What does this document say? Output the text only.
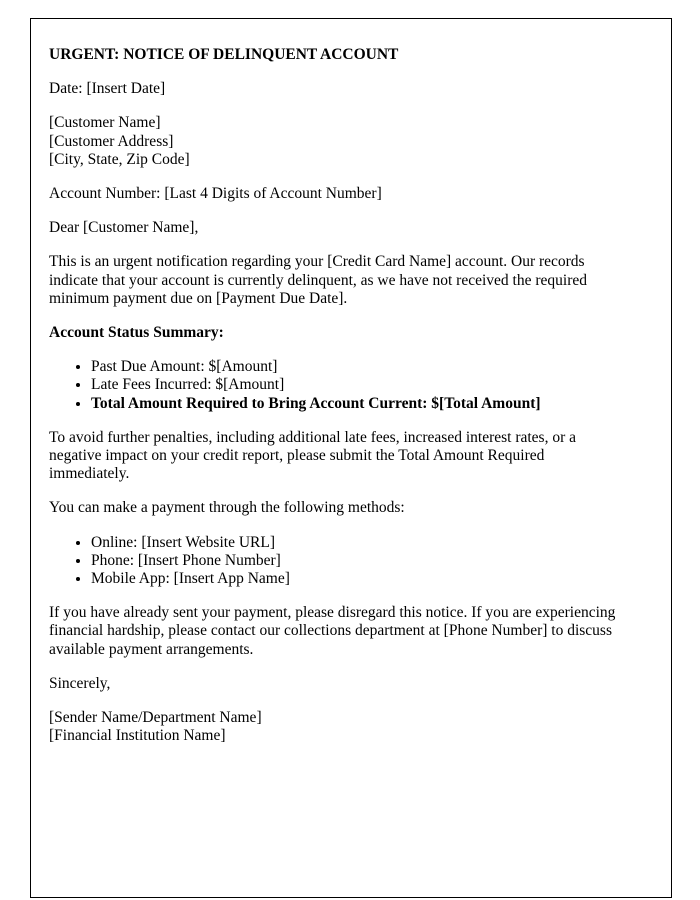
URGENT: NOTICE OF DELINQUENT ACCOUNT

Date: [Insert Date]

[Customer Name]
[Customer Address]
[City, State, Zip Code]

Account Number: [Last 4 Digits of Account Number]

Dear [Customer Name],

This is an urgent notification regarding your [Credit Card Name] account. Our records indicate that your account is currently delinquent, as we have not received the required minimum payment due on [Payment Due Date].

Account Status Summary:

• Past Due Amount: $[Amount]
• Late Fees Incurred: $[Amount]
• Total Amount Required to Bring Account Current: $[Total Amount]

To avoid further penalties, including additional late fees, increased interest rates, or a negative impact on your credit report, please submit the Total Amount Required immediately.

You can make a payment through the following methods:

• Online: [Insert Website URL]
• Phone: [Insert Phone Number]
• Mobile App: [Insert App Name]

If you have already sent your payment, please disregard this notice. If you are experiencing financial hardship, please contact our collections department at [Phone Number] to discuss available payment arrangements.

Sincerely,

[Sender Name/Department Name]
[Financial Institution Name]
